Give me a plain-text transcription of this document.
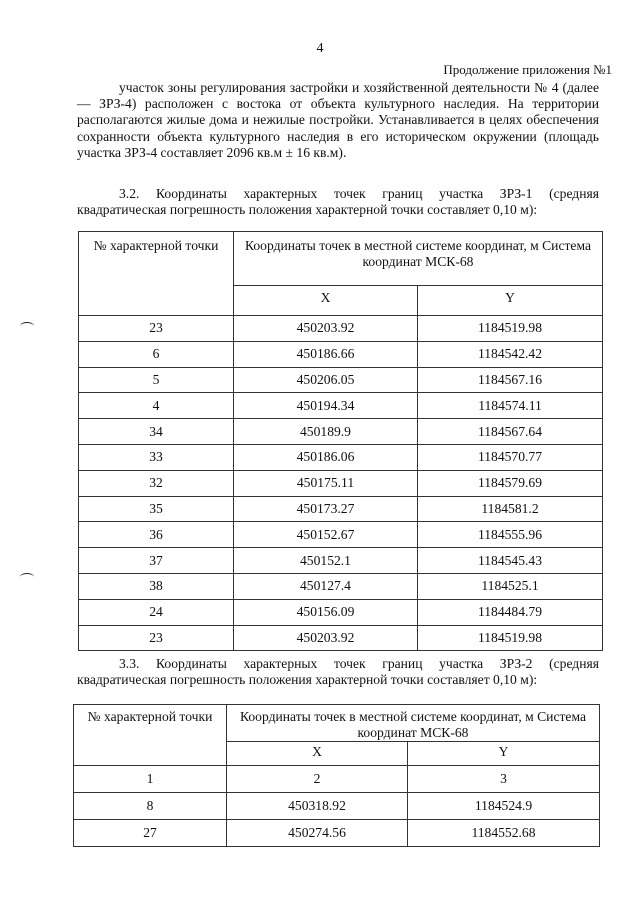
4
Продолжение приложения №1
участок зоны регулирования застройки и хозяйственной деятельности № 4 (далее — ЗРЗ-4) расположен с востока от объекта культурного наследия. На территории располагаются жилые дома и нежилые постройки. Устанавливается в целях обеспечения сохранности объекта культурного наследия в его историческом окружении (площадь участка ЗРЗ-4 составляет 2096 кв.м ± 16 кв.м).
3.2. Координаты характерных точек границ участка ЗРЗ-1 (средняя квадратическая погрешность положения характерной точки составляет 0,10 м):
№ характерной точки	Координаты точек в местной системе координат, м Система координат МСК-68	
	X	Y
23	450203.92	1184519.98
6	450186.66	1184542.42
5	450206.05	1184567.16
4	450194.34	1184574.11
34	450189.9	1184567.64
33	450186.06	1184570.77
32	450175.11	1184579.69
35	450173.27	1184581.2
36	450152.67	1184555.96
37	450152.1	1184545.43
38	450127.4	1184525.1
24	450156.09	1184484.79
23	450203.92	1184519.98
3.3. Координаты характерных точек границ участка ЗРЗ-2 (средняя квадратическая погрешность положения характерной точки составляет 0,10 м):
№ характерной точки	Координаты точек в местной системе координат, м Система координат МСК-68	
	X	Y
1	2	3
8	450318.92	1184524.9
27	450274.56	1184552.68
